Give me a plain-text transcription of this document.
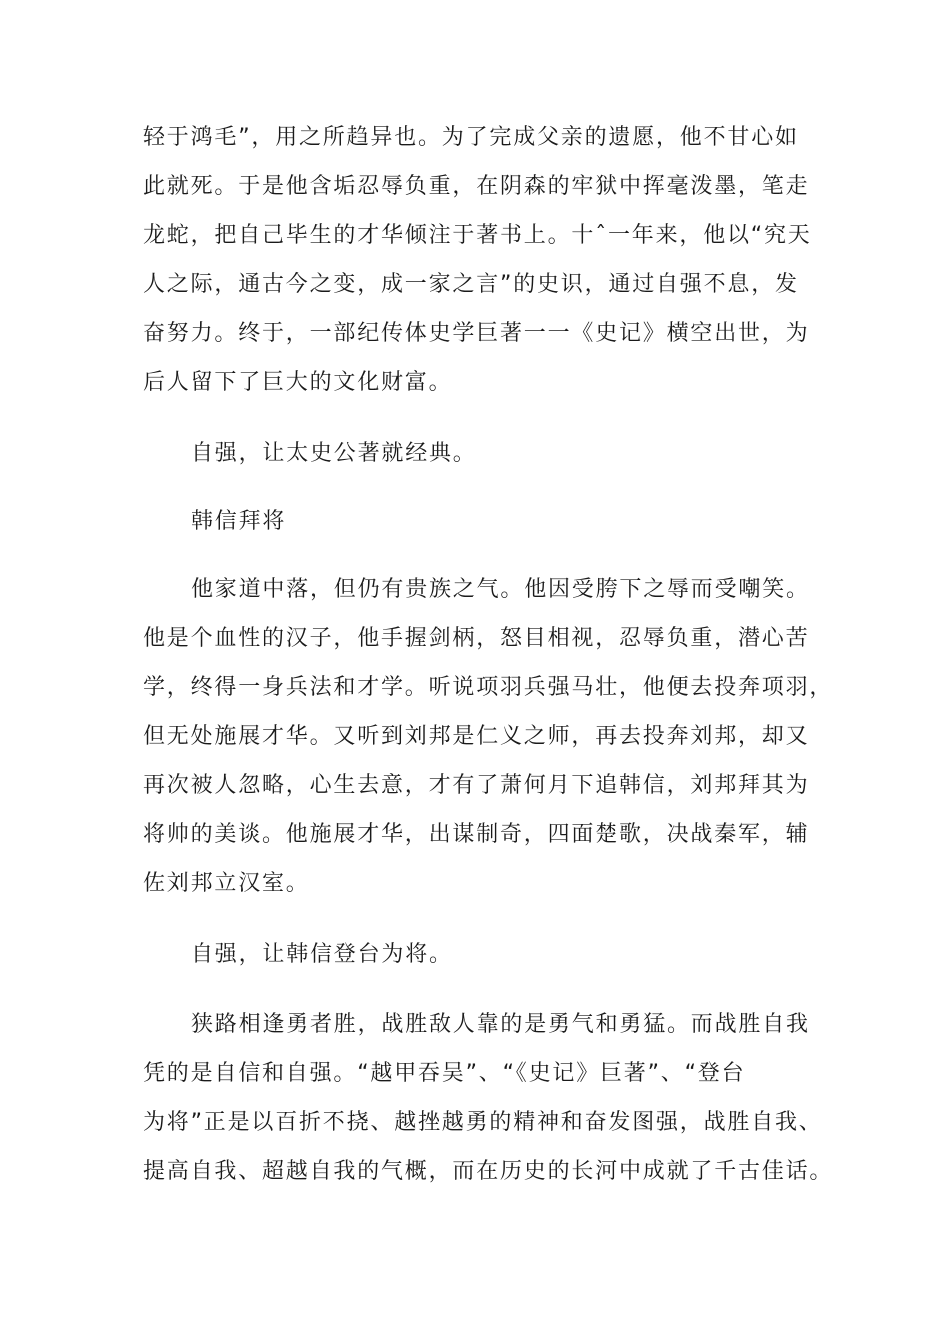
轻于鸿毛”，用之所趋异也。为了完成父亲的遗愿，他不甘心如
此就死。于是他含垢忍辱负重，在阴森的牢狱中挥毫泼墨，笔走
龙蛇，把自己毕生的才华倾注于著书上。十ˆ一年来，他以“究天
人之际，通古今之变，成一家之言”的史识，通过自强不息，发
奋努力。终于，一部纪传体史学巨著一一《史记》横空出世，为
后人留下了巨大的文化财富。
自强，让太史公著就经典。
韩信拜将
他家道中落，但仍有贵族之气。他因受胯下之辱而受嘲笑。
他是个血性的汉子，他手握剑柄，怒目相视，忍辱负重，潜心苦
学，终得一身兵法和才学。听说项羽兵强马壮，他便去投奔项羽，
但无处施展才华。又听到刘邦是仁义之师，再去投奔刘邦，却又
再次被人忽略，心生去意，才有了萧何月下追韩信，刘邦拜其为
将帅的美谈。他施展才华，出谋制奇，四面楚歌，决战秦军，辅
佐刘邦立汉室。
自强，让韩信登台为将。
狭路相逢勇者胜，战胜敌人靠的是勇气和勇猛。而战胜自我
凭的是自信和自强。“越甲吞吴”、“《史记》巨著”、“登台
为将”正是以百折不挠、越挫越勇的精神和奋发图强，战胜自我、
提高自我、超越自我的气概，而在历史的长河中成就了千古佳话。
